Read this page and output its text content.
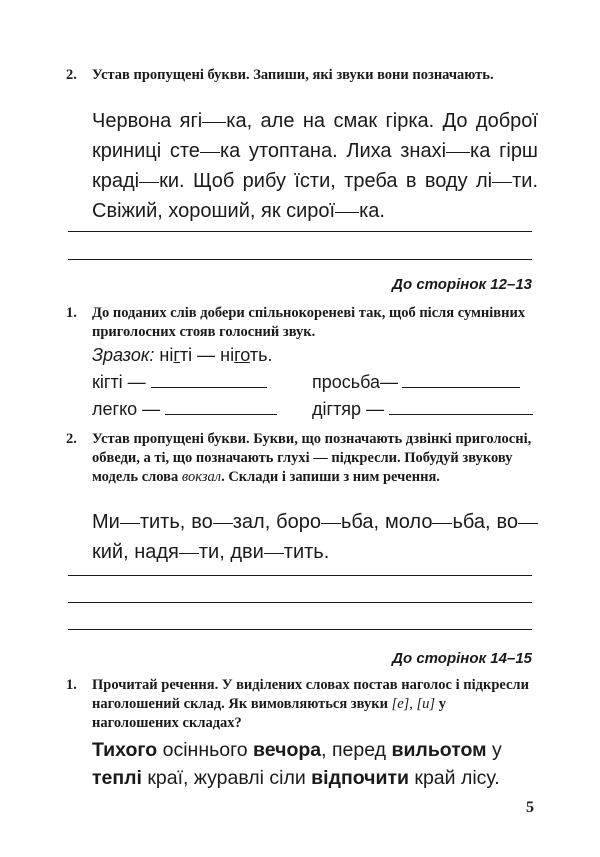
2. Устав пропущені букви. Запиши, які звуки вони позначають.
Червона ягі ка, але на смак гірка. До доброї криниці сте ка утоптана. Лиха знахі ка гірш краді ки. Щоб рибу їсти, треба в воду лі ти. Свіжий, хороший, як сирої ка.
До сторінок 12–13
1. До поданих слів добери спільнокореневі так, щоб після сумнівних приголосних стояв голосний звук.
Зразок: нігті — ніготь.
кігті —	просьба—
легко —	дігтяр —
2. Устав пропущені букви. Букви, що позначають дзвінкі приголосні, обведи, а ті, що позначають глухі — підкресли. Побудуй звукову модель слова вокзал. Склади і запиши з ним речення.
Ми тить, во зал, боро ьба, моло ьба, вокий, надя ти, дви тить.
До сторінок 14–15
1. Прочитай речення. У виділених словах постав наголос і підкресли наголошений склад. Як вимовляються звуки [е], [и] у наголошених складах?
Тихого осіннього вечора, перед вильотом у теплі краї, журавлі сіли відпочити край лісу.
5
